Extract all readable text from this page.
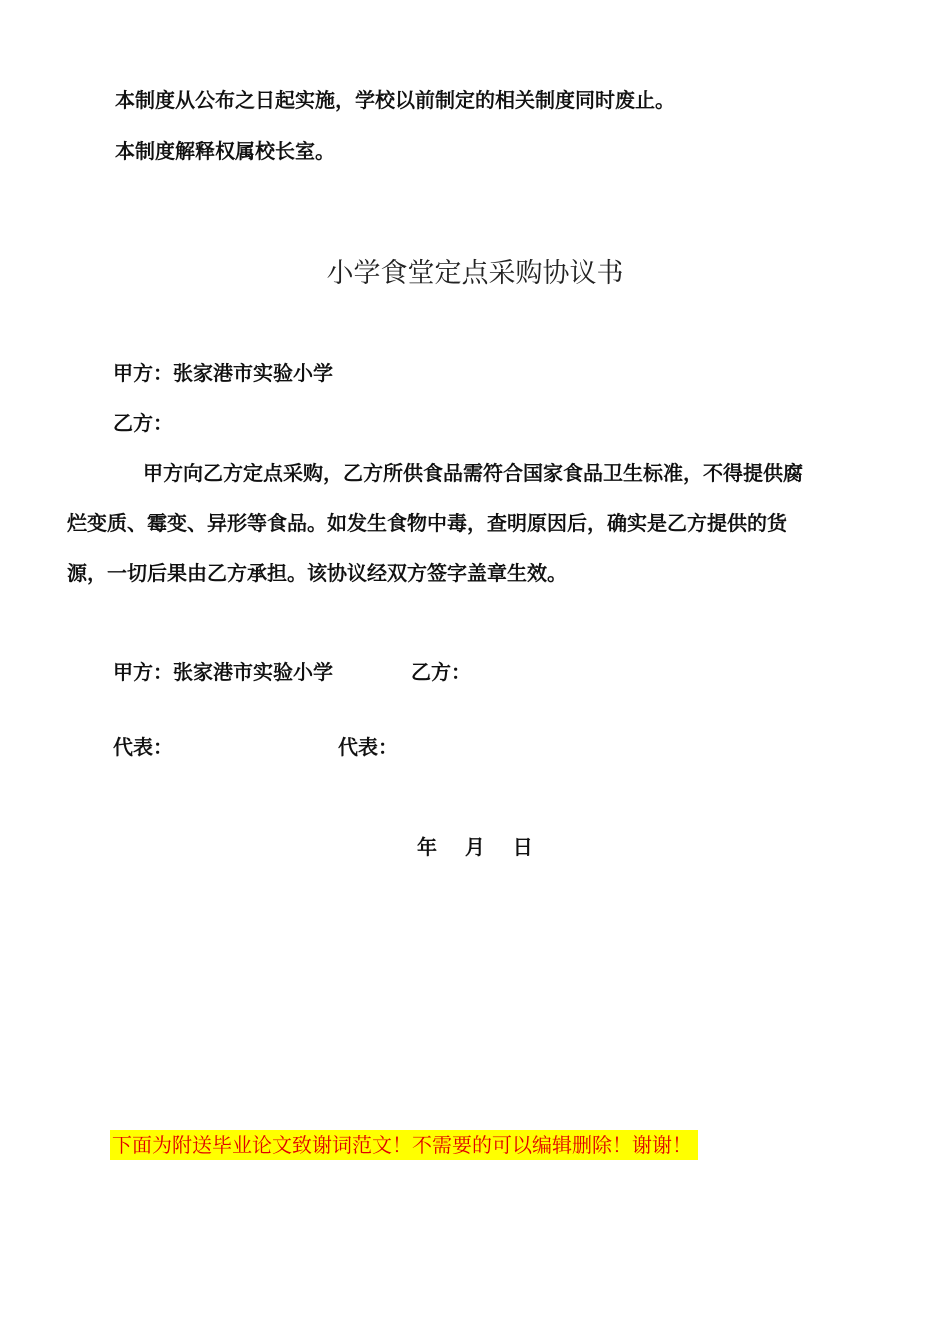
本制度从公布之日起实施，学校以前制定的相关制度同时废止。
本制度解释权属校长室。
小学食堂定点采购协议书
甲方：张家港市实验小学
乙方：
甲方向乙方定点采购，乙方所供食品需符合国家食品卫生标准，不得提供腐
烂变质、霉变、异形等食品。如发生食物中毒，查明原因后，确实是乙方提供的货
源，一切后果由乙方承担。该协议经双方签字盖章生效。
甲方：张家港市实验小学	乙方：
代表：	代表：
年    月    日
下面为附送毕业论文致谢词范文！不需要的可以编辑删除！谢谢！
